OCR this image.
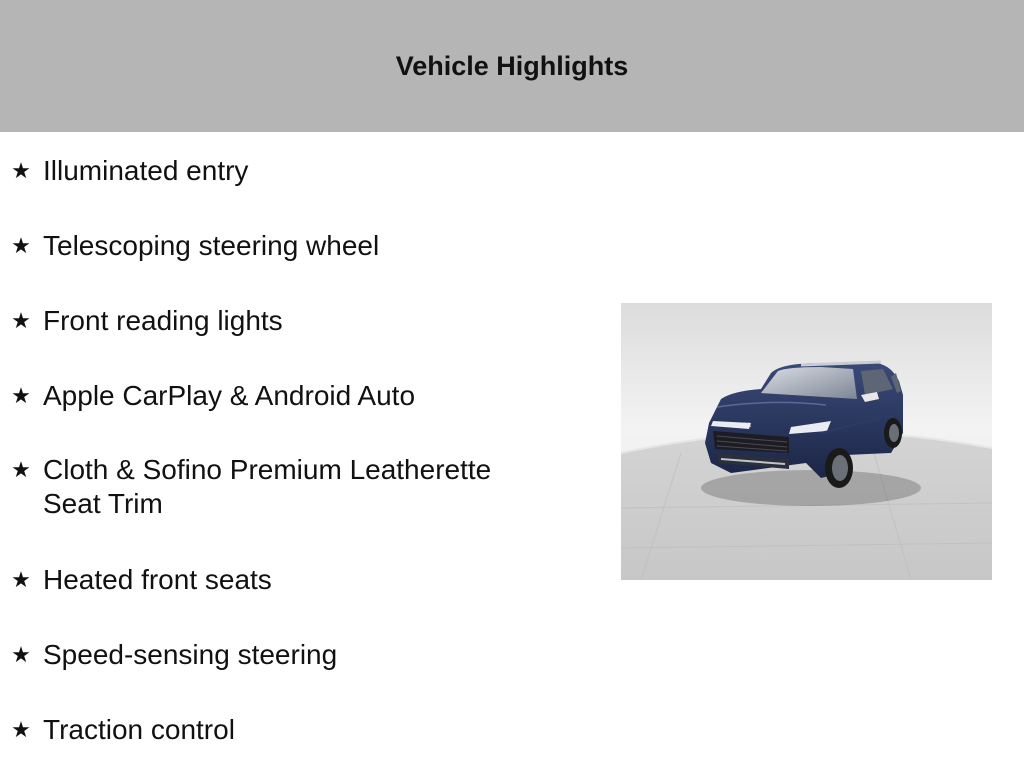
Vehicle Highlights
★ Illuminated entry
★ Telescoping steering wheel
★ Front reading lights
★ Apple CarPlay & Android Auto
★ Cloth & Sofino Premium Leatherette Seat Trim
★ Heated front seats
★ Speed-sensing steering
★ Traction control
KIA
